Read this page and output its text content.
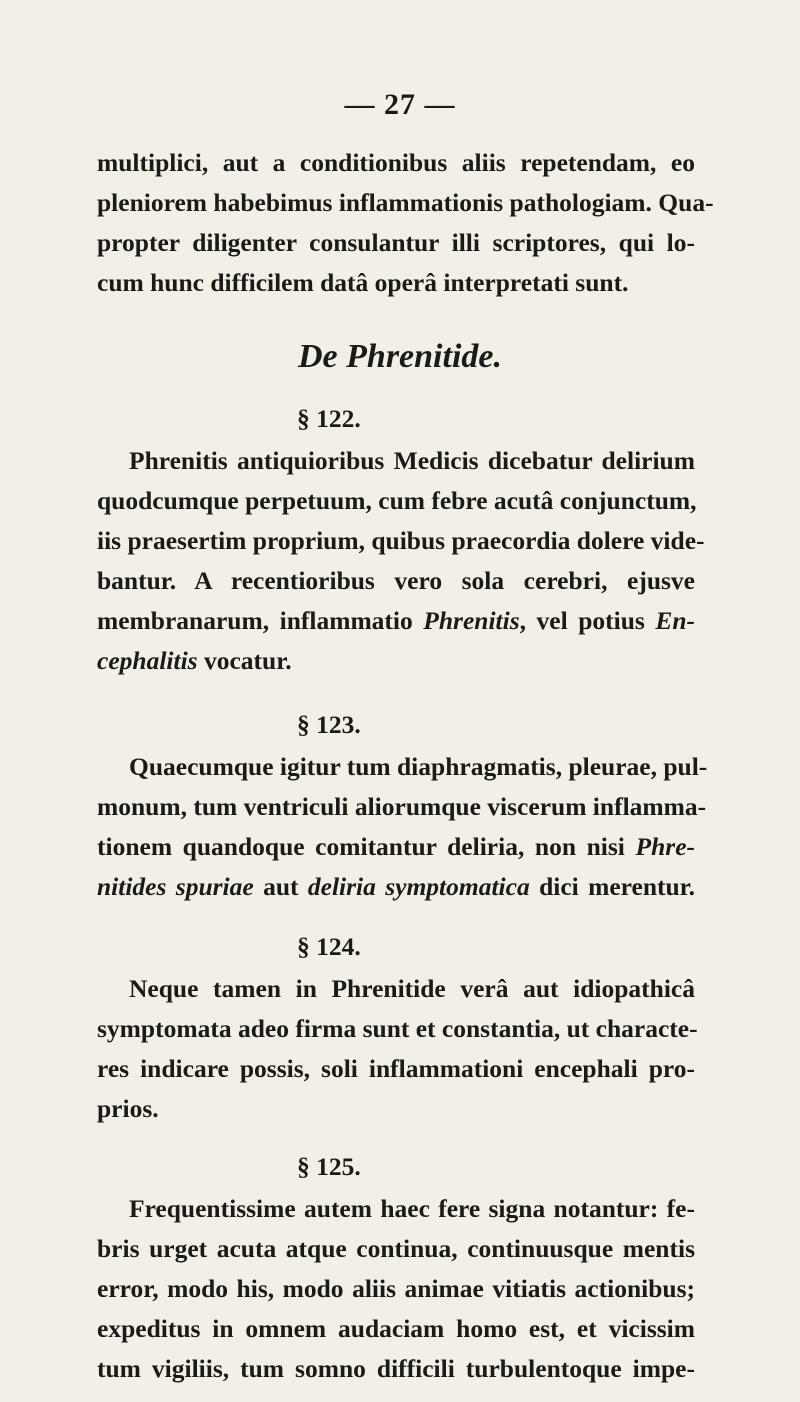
— 27 —
multiplici, aut a conditionibus aliis repetendam, eo
pleniorem habebimus inflammationis pathologiam. Qua-
propter diligenter consulantur illi scriptores, qui lo-
cum hunc difficilem datâ operâ interpretati sunt.
De Phrenitide.
§ 122.
Phrenitis antiquioribus Medicis dicebatur delirium
quodcumque perpetuum, cum febre acutâ conjunctum,
iis praesertim proprium, quibus praecordia dolere vide-
bantur. A recentioribus vero sola cerebri, ejusve
membranarum, inflammatio Phrenitis, vel potius En-
cephalitis vocatur.
§ 123.
Quaecumque igitur tum diaphragmatis, pleurae, pul-
monum, tum ventriculi aliorumque viscerum inflamma-
tionem quandoque comitantur deliria, non nisi Phre-
nitides spuriae aut deliria symptomatica dici merentur.
§ 124.
Neque tamen in Phrenitide verâ aut idiopathicâ
symptomata adeo firma sunt et constantia, ut characte-
res indicare possis, soli inflammationi encephali pro-
prios.
§ 125.
Frequentissime autem haec fere signa notantur: fe-
bris urget acuta atque continua, continuusque mentis
error, modo his, modo aliis animae vitiatis actionibus;
expeditus in omnem audaciam homo est, et vicissim
tum vigiliis, tum somno difficili turbulentoque impe-
